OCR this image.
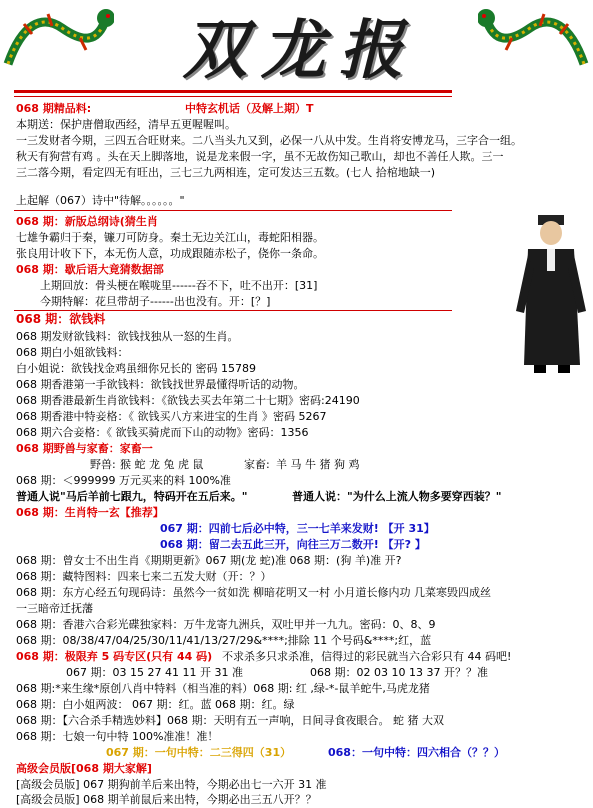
双龙报
068 期精品料:	中特玄机话（及解上期）T
本期送：保护唐僧取西经，清早五更喔喔叫。
一三发财者今期，三四五合旺财来。二八当头九又到，必保一八从中发。生肖将安博龙马，三字合一组。
秋天有狗营有鸡 。头在天上脚落地，说是龙来假一字，虽不无故伤知己歌山，却也不善任人欺。三一
三二落今期，看定四无有旺出，三七三九两相连，定可发达三五数。(七人 拾棺地缺一)
上起解（067）诗中"待解。。。。。。"
068 期：新版总纲诗(猜生肖
七雄争霸归于秦，镰刀可防身。秦土无边关江山，毒蛇阳相器。
张良用计收下下，本无伤人意，功成跟随赤松子，侥你一条命。
068 期：歇后语大竟猜数据部
上期回放：骨头梗在喉咙里------吞不下，吐不出开：[31]
今期特解：花旦带胡子------出也没有。开：[？]
068 期：欲钱料
068 期发财欲钱料：欲钱找独从一怒的生肖。
068 期白小姐欲钱料：
白小姐说：欲钱找金鸡虽细你兄长的 密码 15789
068 期香港第一手欲钱料：欲钱找世界最懂得听话的动物。
068 期香港最新生肖欲钱料：《欲钱去买去年第二十七期》密码:24190
068 期香港中特妾格：《 欲钱买八方来进宝的生肖 》密码 5267
068 期六合妾格：《 欲钱买骑虎而下山的动物》密码：1356
068 期野兽与家畜：家畜一
野兽: 猴 蛇 龙 兔 虎 鼠	家畜: 羊 马 牛 猪 狗 鸡
068 期：＜999999 万元买来的料 100%准
普通人说"马后羊前七跟九，特码开在五后来。"	普通人说："为什么上流人物多要穿西装？"
068 期：生肖特一玄【推荐】
067 期：四前七后必中特，三一七羊来发财! 【开 31】
068 期：留二去五此三开，向往三万二数开! 【开? 】
068 期：曾女士不出生肖《期期更新》067 期(龙 蛇)准 068 期：(狗 羊)准 开?
068 期：藏特图料：四来七来二五发大财（开：？）
068 期：东方心经五句现码诗：虽然今一贫如洗 柳暗花明又一村 小月道长修内功 几菜寒毁四成丝
一三暗帝迁抚藩
068 期：香港六合彩光碟独家料：万牛龙寄九洲兵，双吐甲并一九九。密码：0、8、9
068 期：08/38/47/04/25/30/11/41/13/27/29&****;排除 11 个号码&****;红，蓝
068 期：极限弃 5 码专区(只有 44 码) 不求杀多只求杀准，信得过的彩民就当六合彩只有 44 码吧!
067 期：03 15 27 41 11 开 31 准	068 期：02 03 10 13 37 开？？准
068 期:*来生缘*原创八肖中特料（相当准的料）068 期: 红 ,绿-*-鼠羊蛇牛,马虎龙猪
068 期：白小姐两波： 067 期：红。蓝 068 期：红。绿
068 期：【六合杀手精选妙料】068 期：天明有五一声响，日间寻食夜眼合。 蛇 猪 大双
068 期：七娘一句中特 100%准准！准！
067 期：一句中特：二三得四（31）	068：一句中特：四六相合（？？）
高级会员版[068 期大家解]
[高级会员版] 067 期狗前羊后来出特，今期必出七一六开 31 准
[高级会员版] 068 期羊前鼠后来出特，今期必出三五八开？？
